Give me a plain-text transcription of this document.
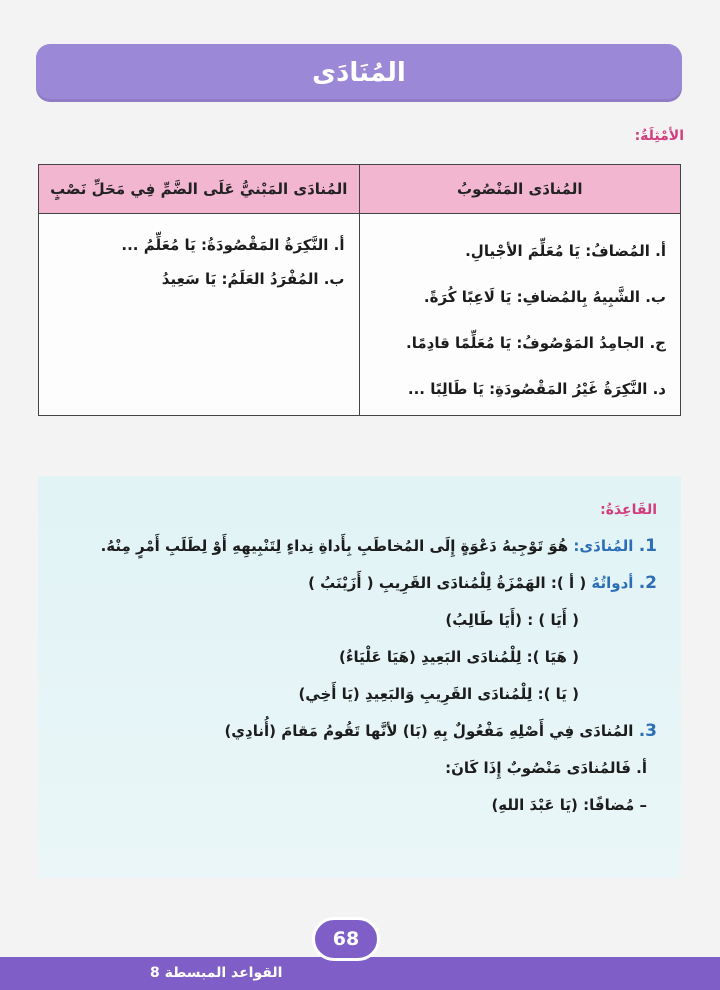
المُنَادَى
الأمْثِلَةُ:
المُنادَى المَنْصُوبُ
أ. المُضافُ: يَا مُعَلِّمَ الأجْيالِ.
ب. الشَّبِيهُ بِالمُضافِ: يَا لَاعِبًا كُرَةً.
ج. الجامِدُ المَوْصُوفُ: يَا مُعَلِّمًا قادِمًا.
د. النَّكِرَةُ غَيْرُ المَقْصُودَةِ: يَا طَالِبًا ...
المُنادَى المَبْنيُّ عَلَى الضَّمِّ فِي مَحَلِّ نَصْبٍ
أ. النَّكِرَةُ المَقْصُودَةُ: يَا مُعَلِّمُ ...
ب. المُفْرَدُ العَلَمُ: يَا سَعِيدُ
القَاعِدَةُ:
1. المُنادَى: هُوَ تَوْجِيهُ دَعْوَةٍ إِلَى المُخاطَبِ بِأَداةِ نِداءٍ لِتَنْبِيهِهِ أَوْ لِطَلَبِ أَمْرٍ مِنْهُ.
2. أدواتُهُ ( أ ): الهَمْزَةُ لِلْمُنادَى القَرِيبِ ( أَزَيْنَبُ )
( أَيَا ) : (أَيَا طَالِبُ)
( هَيَا ): لِلْمُنادَى البَعِيدِ (هَيَا عَلْيَاءُ)
( يَا ): لِلْمُنادَى القَرِيبِ وَالبَعِيدِ (يَا أَخِي)
3. المُنادَى فِي أَصْلِهِ مَفْعُولٌ بِهِ (بَا) لأنَّها تَقُومُ مَقامَ (أُنادِي)
أ. فَالمُنادَى مَنْصُوبٌ إِذَا كَانَ:
– مُضافًا: (يَا عَبْدَ اللهِ)
القواعد المبسطة 8
68
